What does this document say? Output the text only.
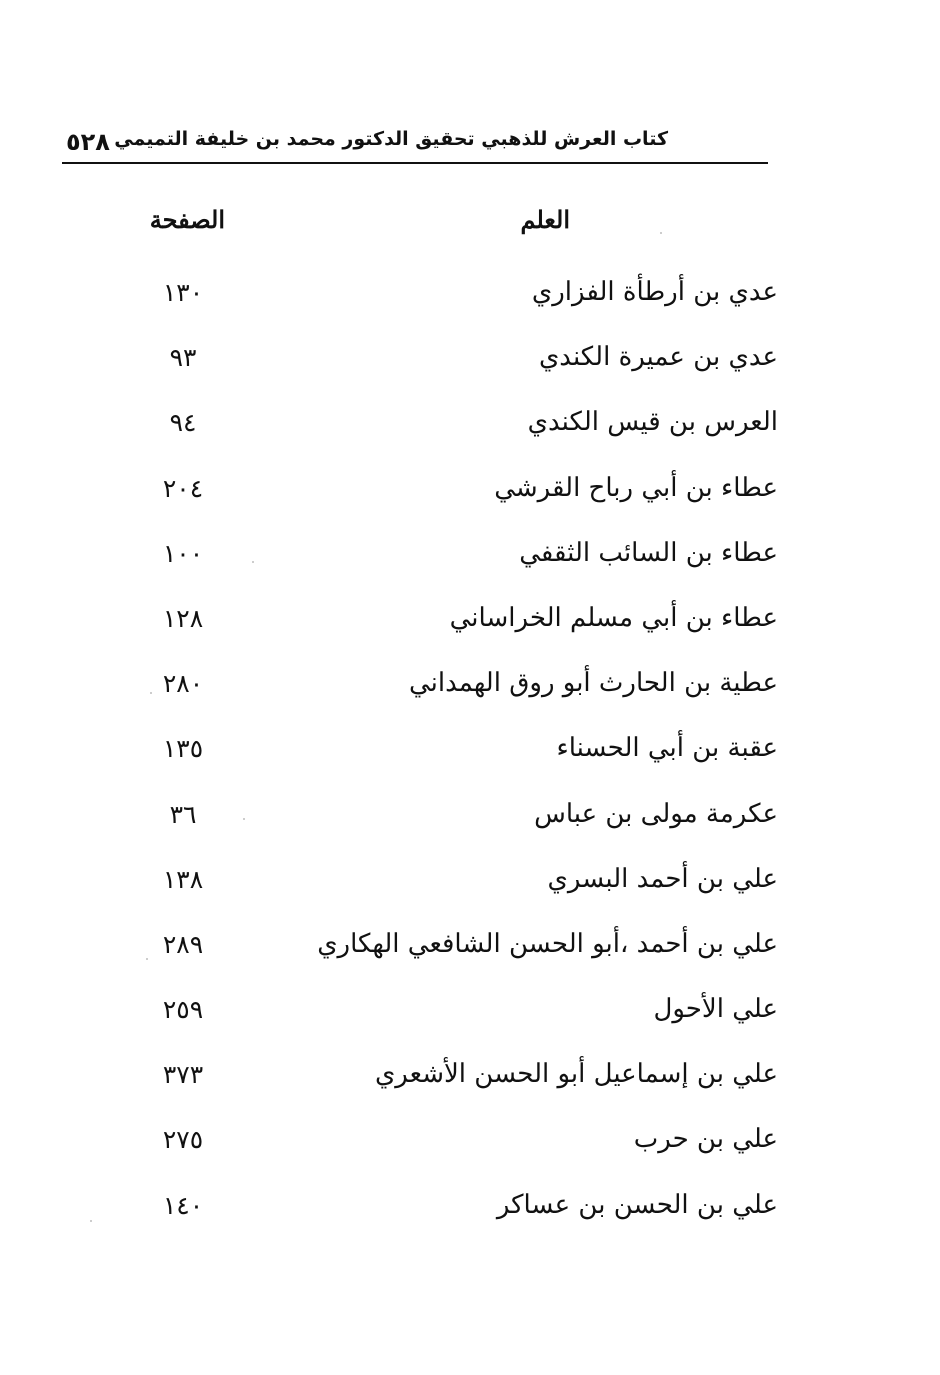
كتاب العرش للذهبي تحقيق الدكتور محمد بن خليفة التميمي
٥٢٨
العلم
الصفحة
عدي بن أرطأة الفزاري
١٣٠
عدي بن عميرة الكندي
٩٣
العرس بن قيس الكندي
٩٤
عطاء بن أبي رباح القرشي
٢٠٤
عطاء بن السائب الثقفي
١٠٠
عطاء بن أبي مسلم الخراساني
١٢٨
عطية بن الحارث أبو روق الهمداني
٢٨٠
عقبة بن أبي الحسناء
١٣٥
عكرمة مولى بن عباس
٣٦
علي بن أحمد البسري
١٣٨
علي بن أحمد ،أبو الحسن الشافعي الهكاري
٢٨٩
علي الأحول
٢٥٩
علي بن إسماعيل أبو الحسن الأشعري
٣٧٣
علي بن حرب
٢٧٥
علي بن الحسن بن عساكر
١٤٠
